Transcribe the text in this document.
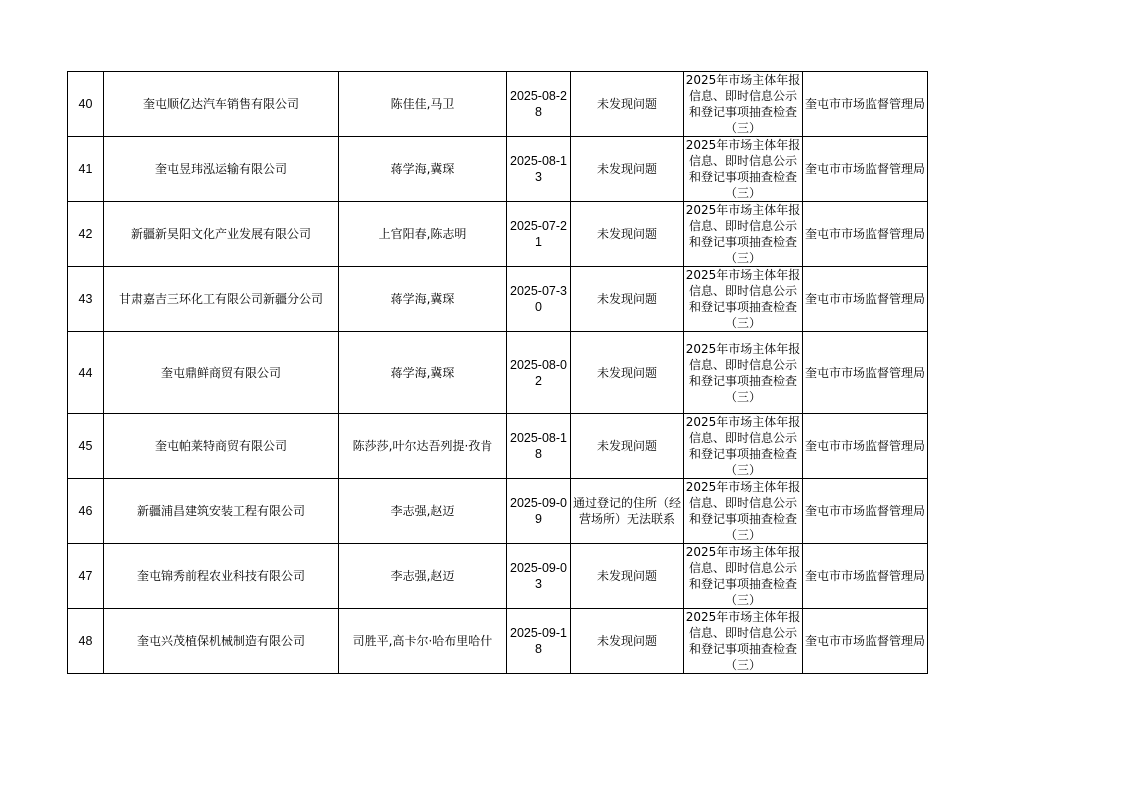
40	奎屯顺亿达汽车销售有限公司	陈佳佳,马卫	2025-08-28	未发现问题	2025年市场主体年报信息、即时信息公示和登记事项抽查检查（三）	奎屯市市场监督管理局
41	奎屯昱玮泓运输有限公司	蒋学海,冀琛	2025-08-13	未发现问题	2025年市场主体年报信息、即时信息公示和登记事项抽查检查（三）	奎屯市市场监督管理局
42	新疆新昊阳文化产业发展有限公司	上官阳春,陈志明	2025-07-21	未发现问题	2025年市场主体年报信息、即时信息公示和登记事项抽查检查（三）	奎屯市市场监督管理局
43	甘肃嘉吉三环化工有限公司新疆分公司	蒋学海,冀琛	2025-07-30	未发现问题	2025年市场主体年报信息、即时信息公示和登记事项抽查检查（三）	奎屯市市场监督管理局
44	奎屯鼎鲜商贸有限公司	蒋学海,冀琛	2025-08-02	未发现问题	2025年市场主体年报信息、即时信息公示和登记事项抽查检查（三）	奎屯市市场监督管理局
45	奎屯帕莱特商贸有限公司	陈莎莎,叶尔达吾列提·孜肯	2025-08-18	未发现问题	2025年市场主体年报信息、即时信息公示和登记事项抽查检查（三）	奎屯市市场监督管理局
46	新疆浦昌建筑安装工程有限公司	李志强,赵迈	2025-09-09	通过登记的住所（经营场所）无法联系	2025年市场主体年报信息、即时信息公示和登记事项抽查检查（三）	奎屯市市场监督管理局
47	奎屯锦秀前程农业科技有限公司	李志强,赵迈	2025-09-03	未发现问题	2025年市场主体年报信息、即时信息公示和登记事项抽查检查（三）	奎屯市市场监督管理局
48	奎屯兴茂植保机械制造有限公司	司胜平,高卡尔·哈布里哈什	2025-09-18	未发现问题	2025年市场主体年报信息、即时信息公示和登记事项抽查检查（三）	奎屯市市场监督管理局
